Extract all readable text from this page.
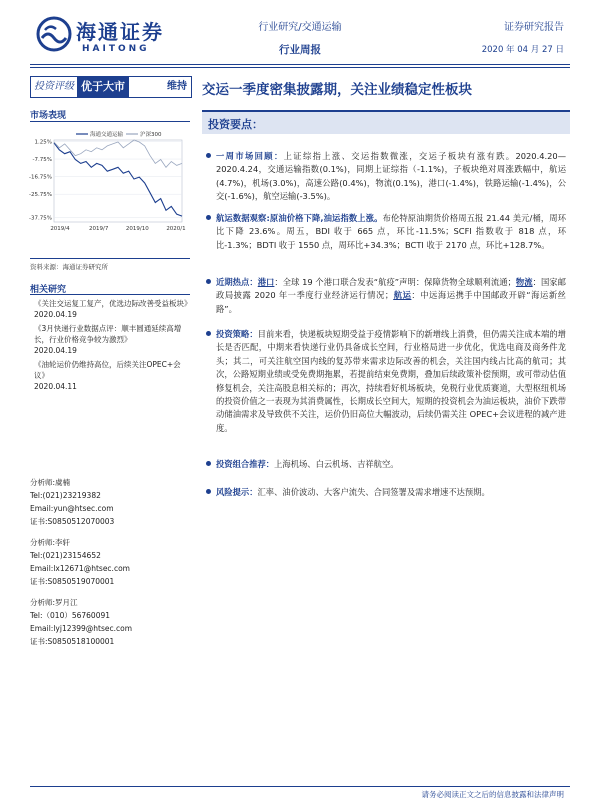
海通证券
HAITONG
行业研究/交通运输
行业周报
证券研究报告
2020 年 04 月 27 日
投资评级 优于大市	维持 交运一季度密集披露期，关注业绩稳定性板块
市场表现
1.25%
-7.75%
-16.75%
-25.75%
-37.75%
2019/4	2019/7	2019/10	2020/1
海通交通运输	沪深300
资料来源：海通证券研究所
相关研究
《关注交运复工复产，优选边际改善受益板块》
2020.04.19
《3月快递行业数据点评：顺丰圆通延续高增长，行业价格竞争较为激烈》
2020.04.19
《油轮运价仍维持高位，后续关注OPEC+会议》
2020.04.11
分析师:虞楠
Tel:(021)23219382
Email:yun@htsec.com
证书:S0850512070003
分析师:李轩
Tel:(021)23154652
Email:lx12671@htsec.com
证书:S0850519070001
分析师:罗月江
Tel:（010）56760091
Email:lyj12399@htsec.com
证书:S0850518100001
投资要点：
一周市场回顾：上证综指上涨、交运指数微涨，交运子板块有涨有跌。2020.4.20—2020.4.24，交通运输指数(0.1%)，同期上证综指（-1.1%)，子板块绝对周涨跌幅中，航运(4.7%)，机场(3.0%)，高速公路(0.4%)，物流(0.1%)，港口(-1.4%)，铁路运输(-1.4%)，公交(-1.6%)，航空运输(-3.5%)。
航运数据观察:原油价格下降,油运指数上涨。布伦特原油期货价格周五报 21.44 美元/桶，周环比下降 23.6%。周五，BDI 收于 665 点，环比-11.5%；SCFI 指数收于 818 点，环比-1.3%；BDTI 收于 1550 点，周环比+34.3%；BCTI 收于 2170 点，环比+128.7%。
近期热点：港口：全球 19 个港口联合发表“航疫”声明：保障货物全球顺利流通；物流：国家邮政局披露 2020 年一季度行业经济运行情况；航运：中远海运携手中国邮政开辟“海运新丝路”。
投资策略：目前来看，快递板块短期受益于疫情影响下的新增线上消费，但仍需关注成本端的增长是否匹配，中期来看快递行业仍具备成长空间，行业格局进一步优化，优选电商及商务件龙头；其二，可关注航空国内线的复苏带来需求边际改善的机会，关注国内线占比高的航司；其次，公路短期业绩或受免费期拖累，若提前结束免费期，叠加后续政策补偿预期，或可带动估值修复机会，关注高股息相关标的；再次，持续看好机场板块，免税行业优质赛道，大型枢纽机场的投资价值之一表现为其消费属性，长期成长空间大，短期的投资机会为油运板块，油价下跌带动储油需求及导致供不关注，运价仍旧高位大幅波动，后续仍需关注 OPEC+会议进程的减产进度。
投资组合推荐：上海机场、白云机场、吉祥航空。
风险提示：汇率、油价波动、大客户流失、合同签署及需求增速不达预期。
请务必阅读正文之后的信息披露和法律声明
